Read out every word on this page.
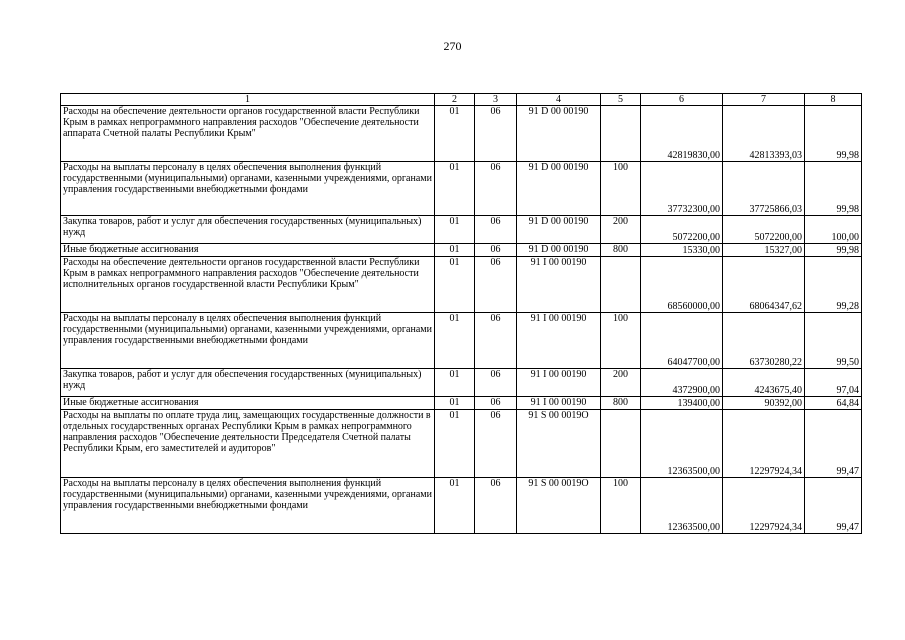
270
1	2	3	4	5	6	7	8
Расходы на обеспечение деятельности органов государственной власти Республики Крым в рамках непрограммного направления расходов "Обеспечение деятельности аппарата Счетной палаты Республики Крым"	01	06	91 D 00 00190		42819830,00	42813393,03	99,98
Расходы на выплаты персоналу в целях обеспечения выполнения функций государственными (муниципальными) органами, казенными учреждениями, органами управления государственными внебюджетными фондами	01	06	91 D 00 00190	100	37732300,00	37725866,03	99,98
Закупка товаров, работ и услуг для обеспечения государственных (муниципальных) нужд	01	06	91 D 00 00190	200	5072200,00	5072200,00	100,00
Иные бюджетные ассигнования	01	06	91 D 00 00190	800	15330,00	15327,00	99,98
Расходы на обеспечение деятельности органов государственной власти Республики Крым в рамках непрограммного направления расходов "Обеспечение деятельности исполнительных органов государственной власти Республики Крым"	01	06	91 I 00 00190		68560000,00	68064347,62	99,28
Расходы на выплаты персоналу в целях обеспечения выполнения функций государственными (муниципальными) органами, казенными учреждениями, органами управления государственными внебюджетными фондами	01	06	91 I 00 00190	100	64047700,00	63730280,22	99,50
Закупка товаров, работ и услуг для обеспечения государственных (муниципальных) нужд	01	06	91 I 00 00190	200	4372900,00	4243675,40	97,04
Иные бюджетные ассигнования	01	06	91 I 00 00190	800	139400,00	90392,00	64,84
Расходы на выплаты по оплате труда лиц, замещающих государственные должности в отдельных государственных органах Республики Крым в рамках непрограммного направления расходов "Обеспечение деятельности Председателя Счетной палаты Республики Крым, его заместителей и аудиторов"	01	06	91 S 00 0019O		12363500,00	12297924,34	99,47
Расходы на выплаты персоналу в целях обеспечения выполнения функций государственными (муниципальными) органами, казенными учреждениями, органами управления государственными внебюджетными фондами	01	06	91 S 00 0019O	100	12363500,00	12297924,34	99,47
